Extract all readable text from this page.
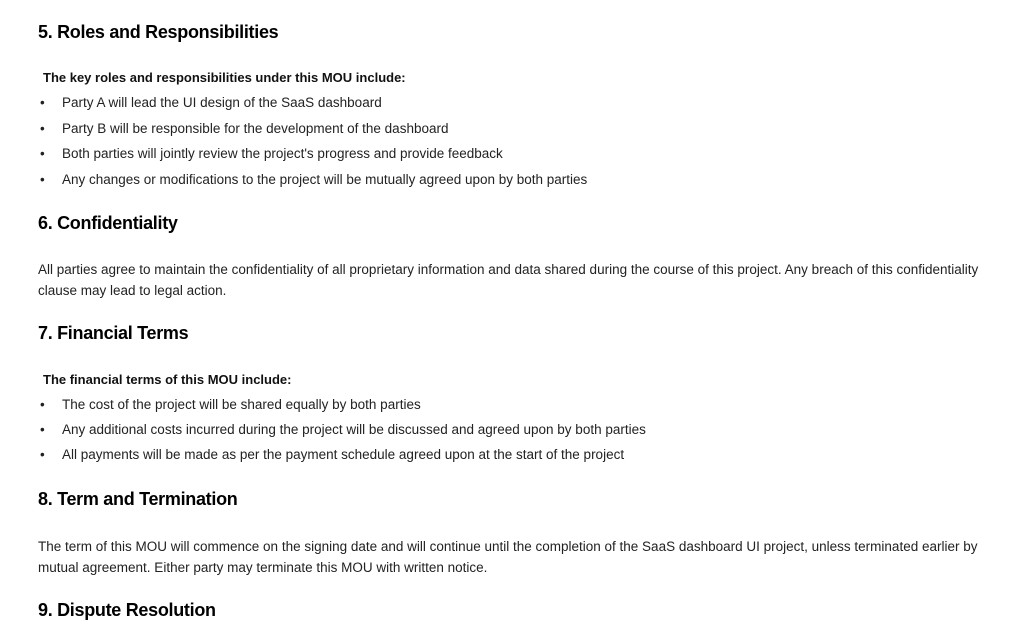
5. Roles and Responsibilities
The key roles and responsibilities under this MOU include:
• Party A will lead the UI design of the SaaS dashboard
• Party B will be responsible for the development of the dashboard
• Both parties will jointly review the project's progress and provide feedback
• Any changes or modifications to the project will be mutually agreed upon by both parties
6. Confidentiality
All parties agree to maintain the confidentiality of all proprietary information and data shared during the course of this project. Any breach of this confidentiality clause may lead to legal action.
7. Financial Terms
The financial terms of this MOU include:
• The cost of the project will be shared equally by both parties
• Any additional costs incurred during the project will be discussed and agreed upon by both parties
• All payments will be made as per the payment schedule agreed upon at the start of the project
8. Term and Termination
The term of this MOU will commence on the signing date and will continue until the completion of the SaaS dashboard UI project, unless terminated earlier by mutual agreement. Either party may terminate this MOU with written notice.
9. Dispute Resolution
